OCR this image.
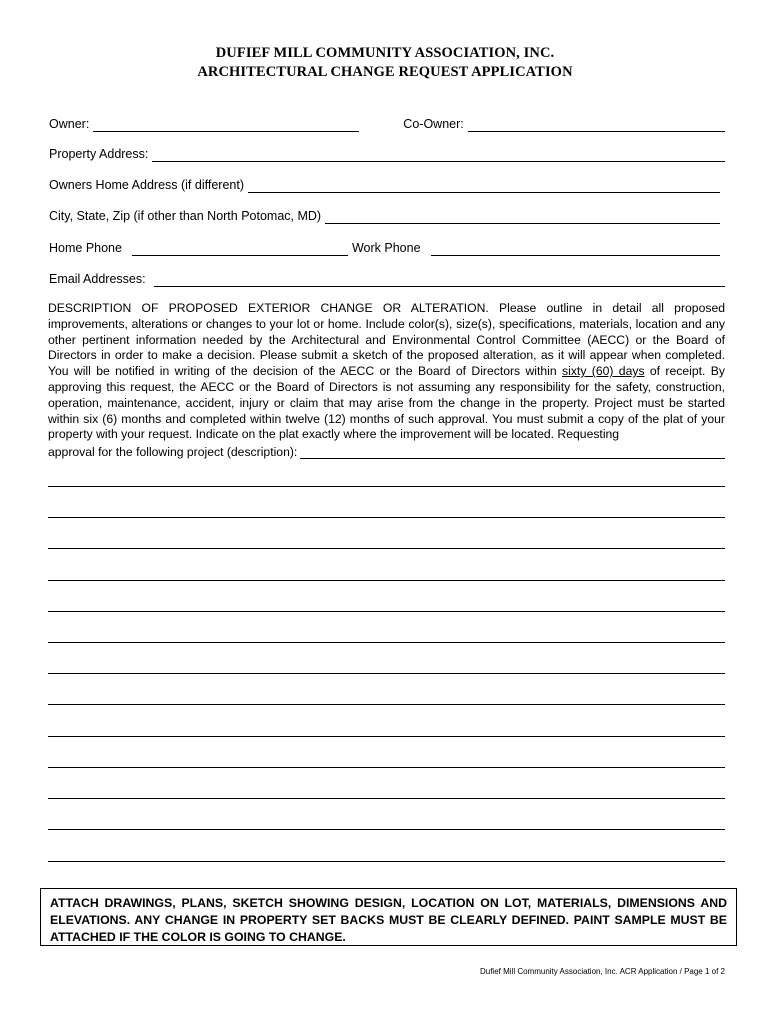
DUFIEF MILL COMMUNITY ASSOCIATION, INC.
ARCHITECTURAL CHANGE REQUEST APPLICATION
Owner:	Co-Owner:
Property Address:
Owners Home Address (if different)
City, State, Zip (if other than North Potomac, MD)
Home Phone	Work Phone
Email Addresses:
DESCRIPTION OF PROPOSED EXTERIOR CHANGE OR ALTERATION. Please outline in detail all proposed improvements, alterations or changes to your lot or home. Include color(s), size(s), specifications, materials, location and any other pertinent information needed by the Architectural and Environmental Control Committee (AECC) or the Board of Directors in order to make a decision. Please submit a sketch of the proposed alteration, as it will appear when completed. You will be notified in writing of the decision of the AECC or the Board of Directors within sixty (60) days of receipt. By approving this request, the AECC or the Board of Directors is not assuming any responsibility for the safety, construction, operation, maintenance, accident, injury or claim that may arise from the change in the property. Project must be started within six (6) months and completed within twelve (12) months of such approval. You must submit a copy of the plat of your property with your request. Indicate on the plat exactly where the improvement will be located. Requesting
approval for the following project (description):
ATTACH DRAWINGS, PLANS, SKETCH SHOWING DESIGN, LOCATION ON LOT, MATERIALS, DIMENSIONS AND ELEVATIONS. ANY CHANGE IN PROPERTY SET BACKS MUST BE CLEARLY DEFINED. PAINT SAMPLE MUST BE ATTACHED IF THE COLOR IS GOING TO CHANGE.
Dufief Mill Community Association, Inc. ACR Application / Page 1 of 2
